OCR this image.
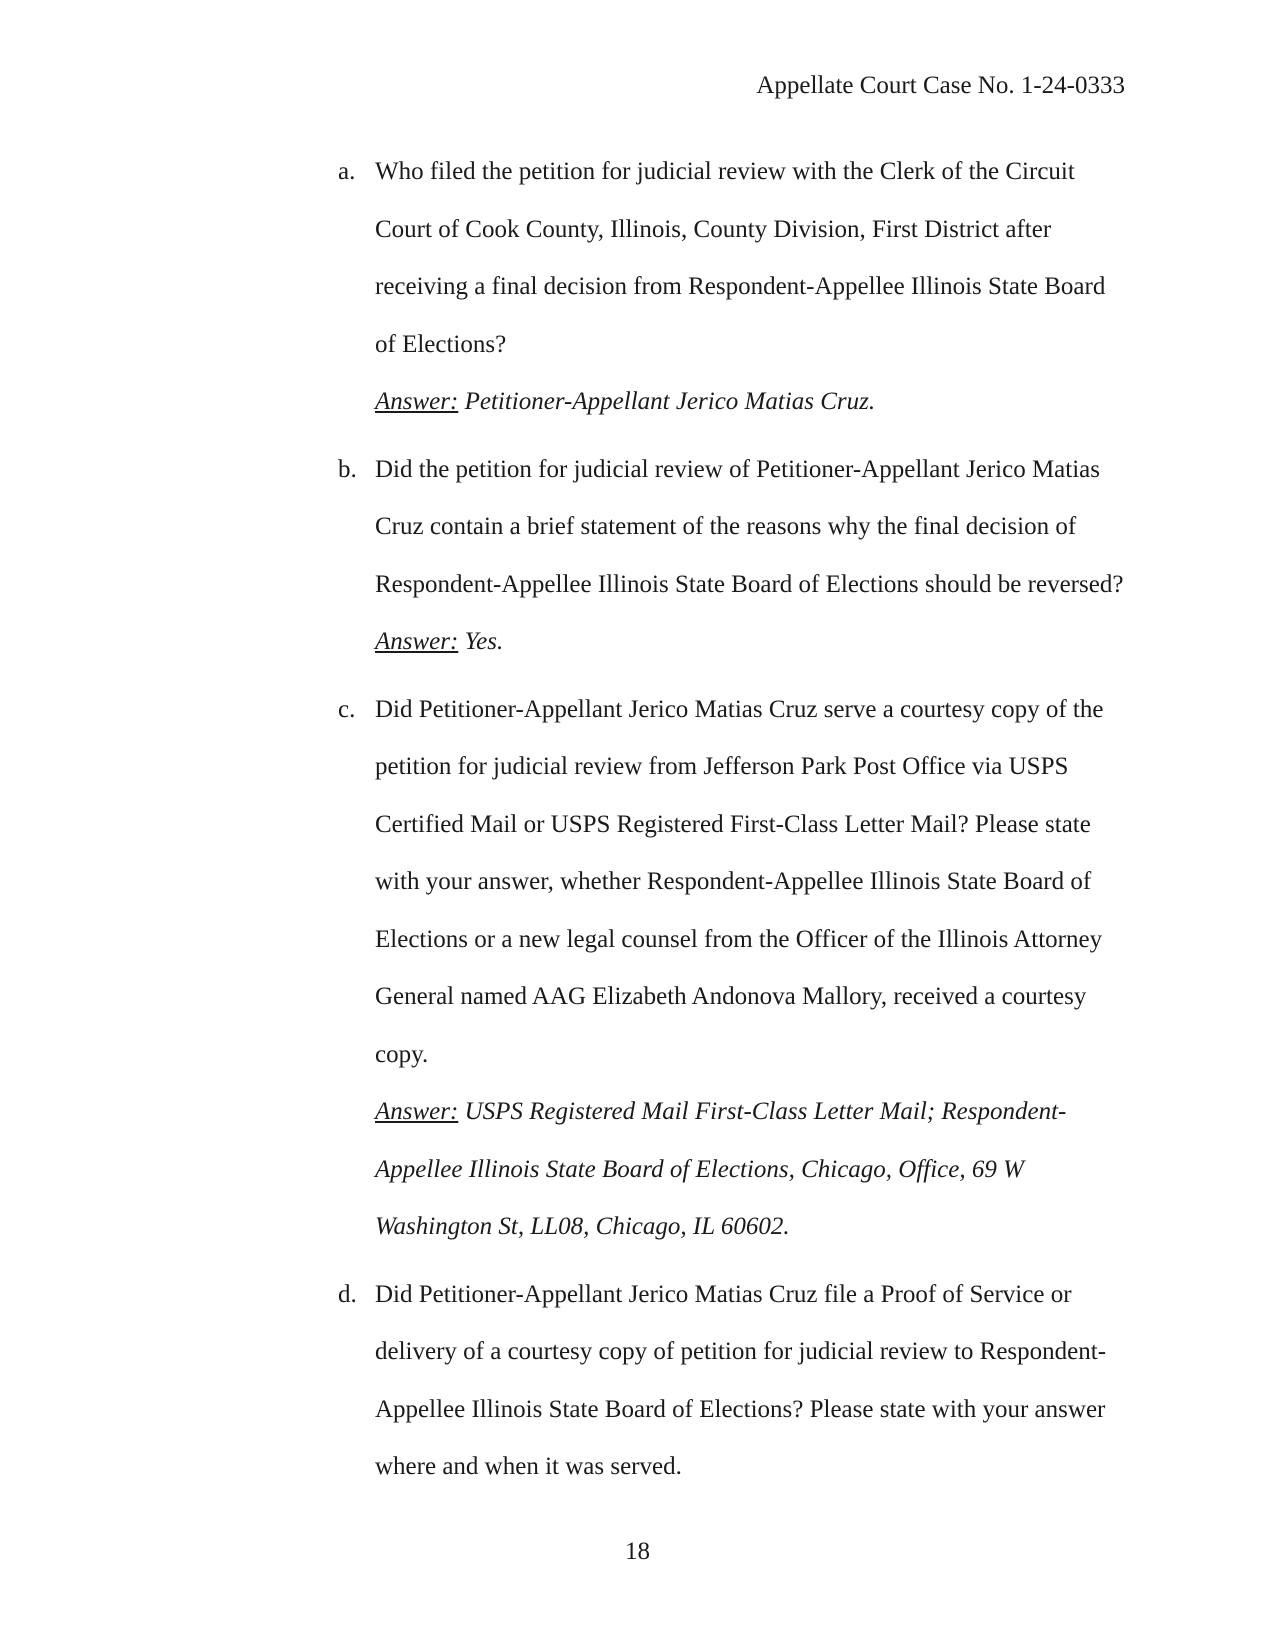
Appellate Court Case No. 1-24-0333
a. Who filed the petition for judicial review with the Clerk of the Circuit Court of Cook County, Illinois, County Division, First District after receiving a final decision from Respondent-Appellee Illinois State Board of Elections?
Answer: Petitioner-Appellant Jerico Matias Cruz.
b. Did the petition for judicial review of Petitioner-Appellant Jerico Matias Cruz contain a brief statement of the reasons why the final decision of Respondent-Appellee Illinois State Board of Elections should be reversed?
Answer: Yes.
c. Did Petitioner-Appellant Jerico Matias Cruz serve a courtesy copy of the petition for judicial review from Jefferson Park Post Office via USPS Certified Mail or USPS Registered First-Class Letter Mail? Please state with your answer, whether Respondent-Appellee Illinois State Board of Elections or a new legal counsel from the Officer of the Illinois Attorney General named AAG Elizabeth Andonova Mallory, received a courtesy copy.
Answer: USPS Registered Mail First-Class Letter Mail; Respondent-Appellee Illinois State Board of Elections, Chicago, Office, 69 W Washington St, LL08, Chicago, IL 60602.
d. Did Petitioner-Appellant Jerico Matias Cruz file a Proof of Service or delivery of a courtesy copy of petition for judicial review to Respondent-Appellee Illinois State Board of Elections? Please state with your answer where and when it was served.
18
